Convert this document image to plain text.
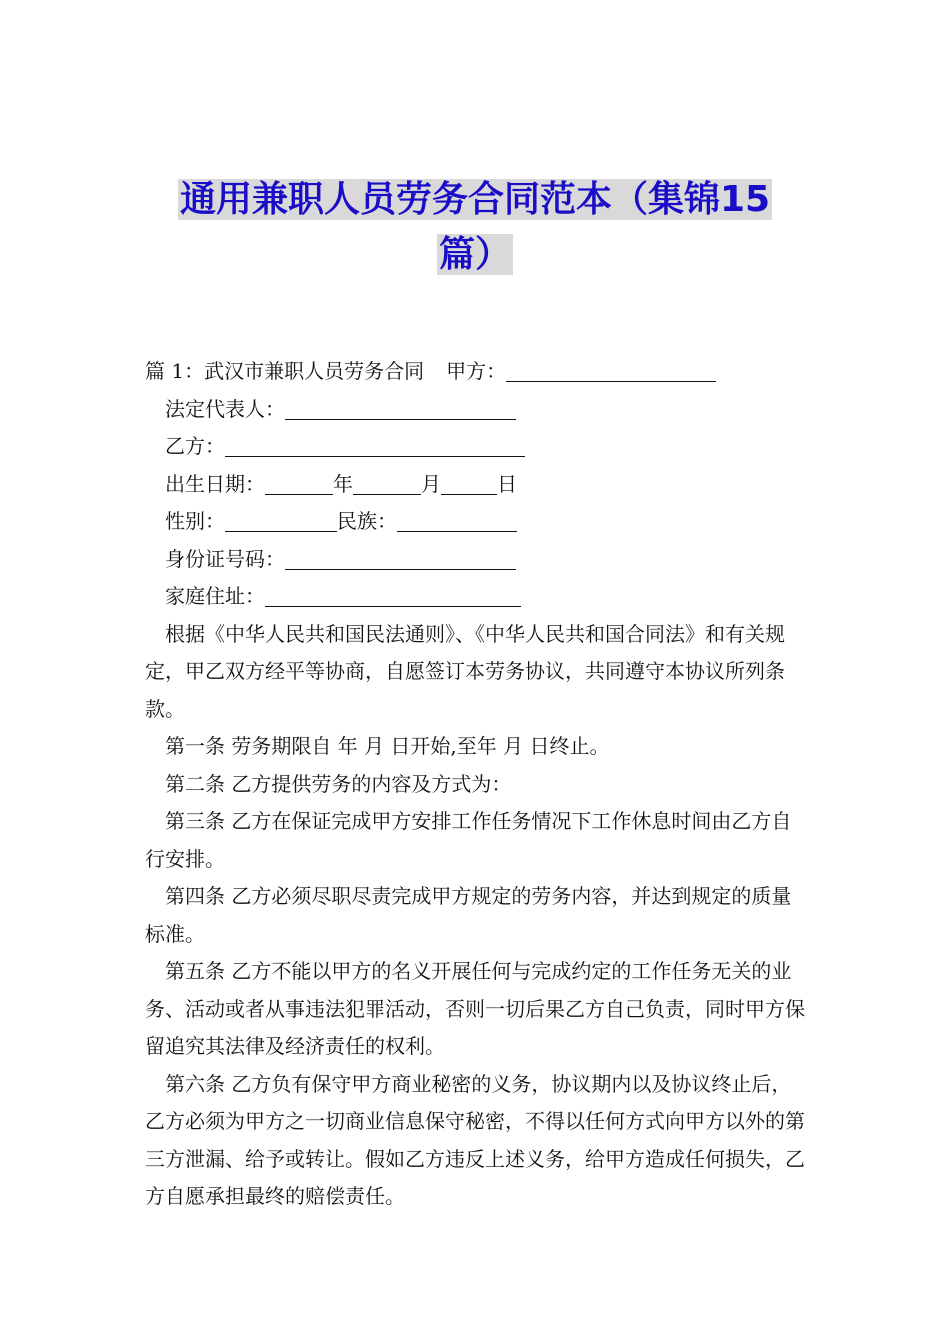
通用兼职人员劳务合同范本（集锦15
篇）
篇 1：武汉市兼职人员劳务合同 甲方：
法定代表人：
乙方：
出生日期：	年	月	日
性别：	民族：
身份证号码：
家庭住址：

根据《中华人民共和国民法通则》、《中华人民共和国合同法》和有关规定，甲乙双方经平等协商，自愿签订本劳务协议，共同遵守本协议所列条款。

第一条 劳务期限自 年 月 日开始,至年 月 日终止。

第二条 乙方提供劳务的内容及方式为：

第三条 乙方在保证完成甲方安排工作任务情况下工作休息时间由乙方自行安排。

第四条 乙方必须尽职尽责完成甲方规定的劳务内容，并达到规定的质量标准。

第五条 乙方不能以甲方的名义开展任何与完成约定的工作任务无关的业务、活动或者从事违法犯罪活动，否则一切后果乙方自己负责，同时甲方保留追究其法律及经济责任的权利。

第六条 乙方负有保守甲方商业秘密的义务，协议期内以及协议终止后，乙方必须为甲方之一切商业信息保守秘密，不得以任何方式向甲方以外的第三方泄漏、给予或转让。假如乙方违反上述义务，给甲方造成任何损失，乙方自愿承担最终的赔偿责任。
